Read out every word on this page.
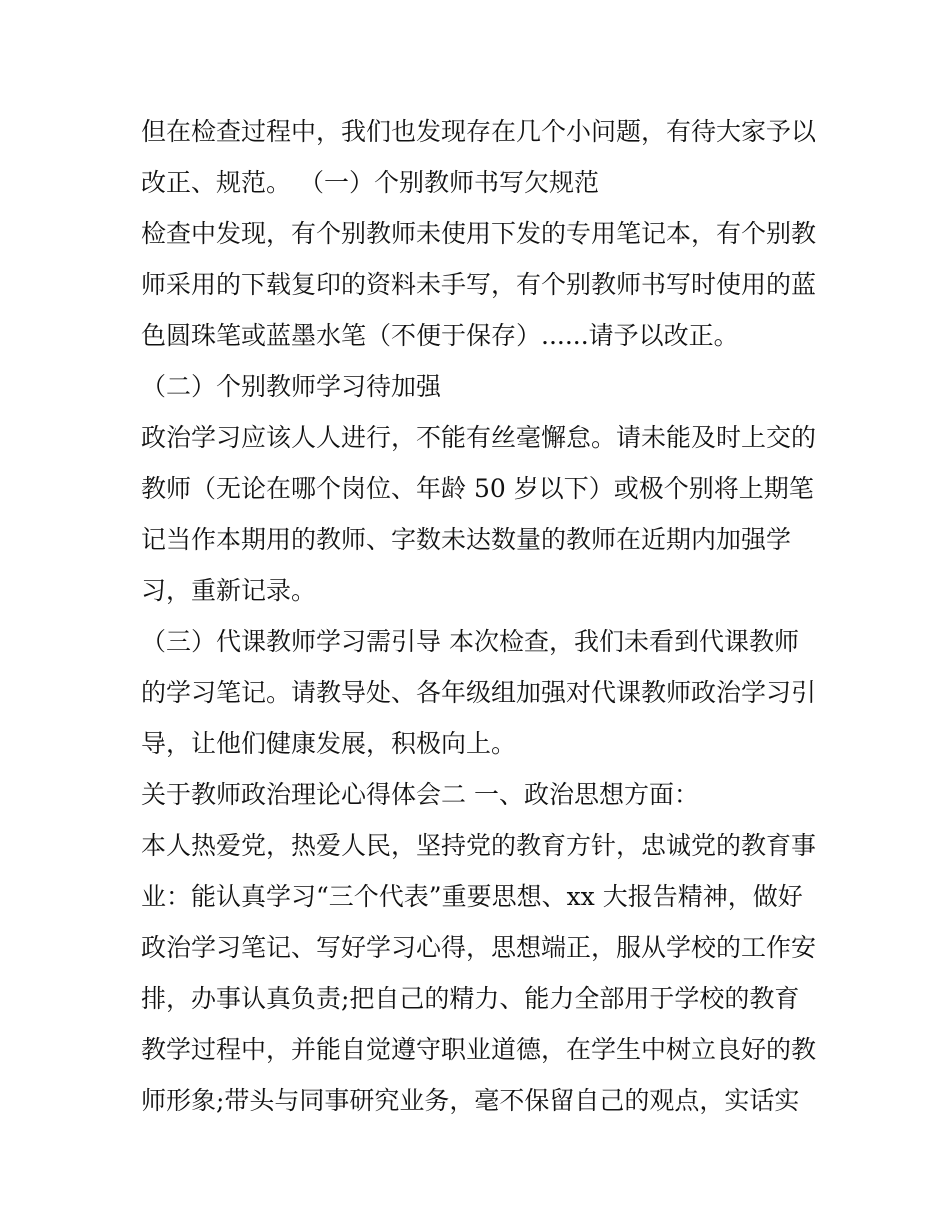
但在检查过程中，我们也发现存在几个小问题，有待大家予以
改正、规范。 （一）个别教师书写欠规范
检查中发现，有个别教师未使用下发的专用笔记本，有个别教
师采用的下载复印的资料未手写，有个别教师书写时使用的蓝
色圆珠笔或蓝墨水笔（不便于保存）......请予以改正。
（二）个别教师学习待加强
政治学习应该人人进行，不能有丝毫懈怠。请未能及时上交的
教师（无论在哪个岗位、年龄 50 岁以下）或极个别将上期笔
记当作本期用的教师、字数未达数量的教师在近期内加强学
习，重新记录。
（三）代课教师学习需引导 本次检查，我们未看到代课教师
的学习笔记。请教导处、各年级组加强对代课教师政治学习引
导，让他们健康发展，积极向上。
关于教师政治理论心得体会二 一、政治思想方面：
本人热爱党，热爱人民，坚持党的教育方针，忠诚党的教育事
业：能认真学习“三个代表”重要思想、xx 大报告精神，做好
政治学习笔记、写好学习心得，思想端正，服从学校的工作安
排，办事认真负责;把自己的精力、能力全部用于学校的教育
教学过程中，并能自觉遵守职业道德，在学生中树立良好的教
师形象;带头与同事研究业务，毫不保留自己的观点，实话实
